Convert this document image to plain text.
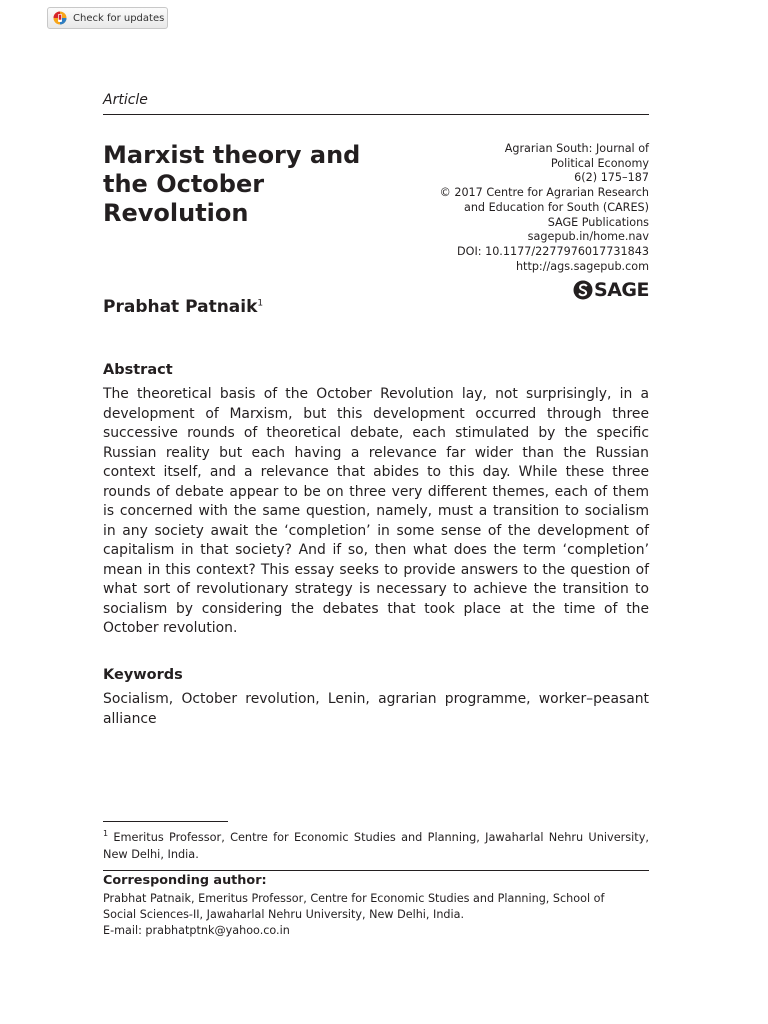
Check for updates
Article
Marxist theory and the October Revolution
Agrarian South: Journal of
Political Economy
6(2) 175–187
© 2017 Centre for Agrarian Research
and Education for South (CARES)
SAGE Publications
sagepub.in/home.nav
DOI: 10.1177/2277976017731843
http://ags.sagepub.com
SAGE
Prabhat Patnaik$^1$
Abstract

The theoretical basis of the October Revolution lay, not surprisingly, in a development of Marxism, but this development occurred through three successive rounds of theoretical debate, each stimulated by the specific Russian reality but each having a relevance far wider than the Russian context itself, and a relevance that abides to this day. While these three rounds of debate appear to be on three very different themes, each of them is concerned with the same question, namely, must a transition to socialism in any society await the ‘completion’ in some sense of the development of capitalism in that society? And if so, then what does the term ‘completion’ mean in this context? This essay seeks to provide answers to the question of what sort of revolutionary strategy is necessary to achieve the transition to socialism by considering the debates that took place at the time of the October revolution.

Keywords

Socialism, October revolution, Lenin, agrarian programme, worker–peasant alliance

$^1$ Emeritus Professor, Centre for Economic Studies and Planning, Jawaharlal Nehru University, New Delhi, India.

Corresponding author:

Prabhat Patnaik, Emeritus Professor, Centre for Economic Studies and Planning, School of
Social Sciences-II, Jawaharlal Nehru University, New Delhi, India.
E-mail: prabhatptnk@yahoo.co.in
